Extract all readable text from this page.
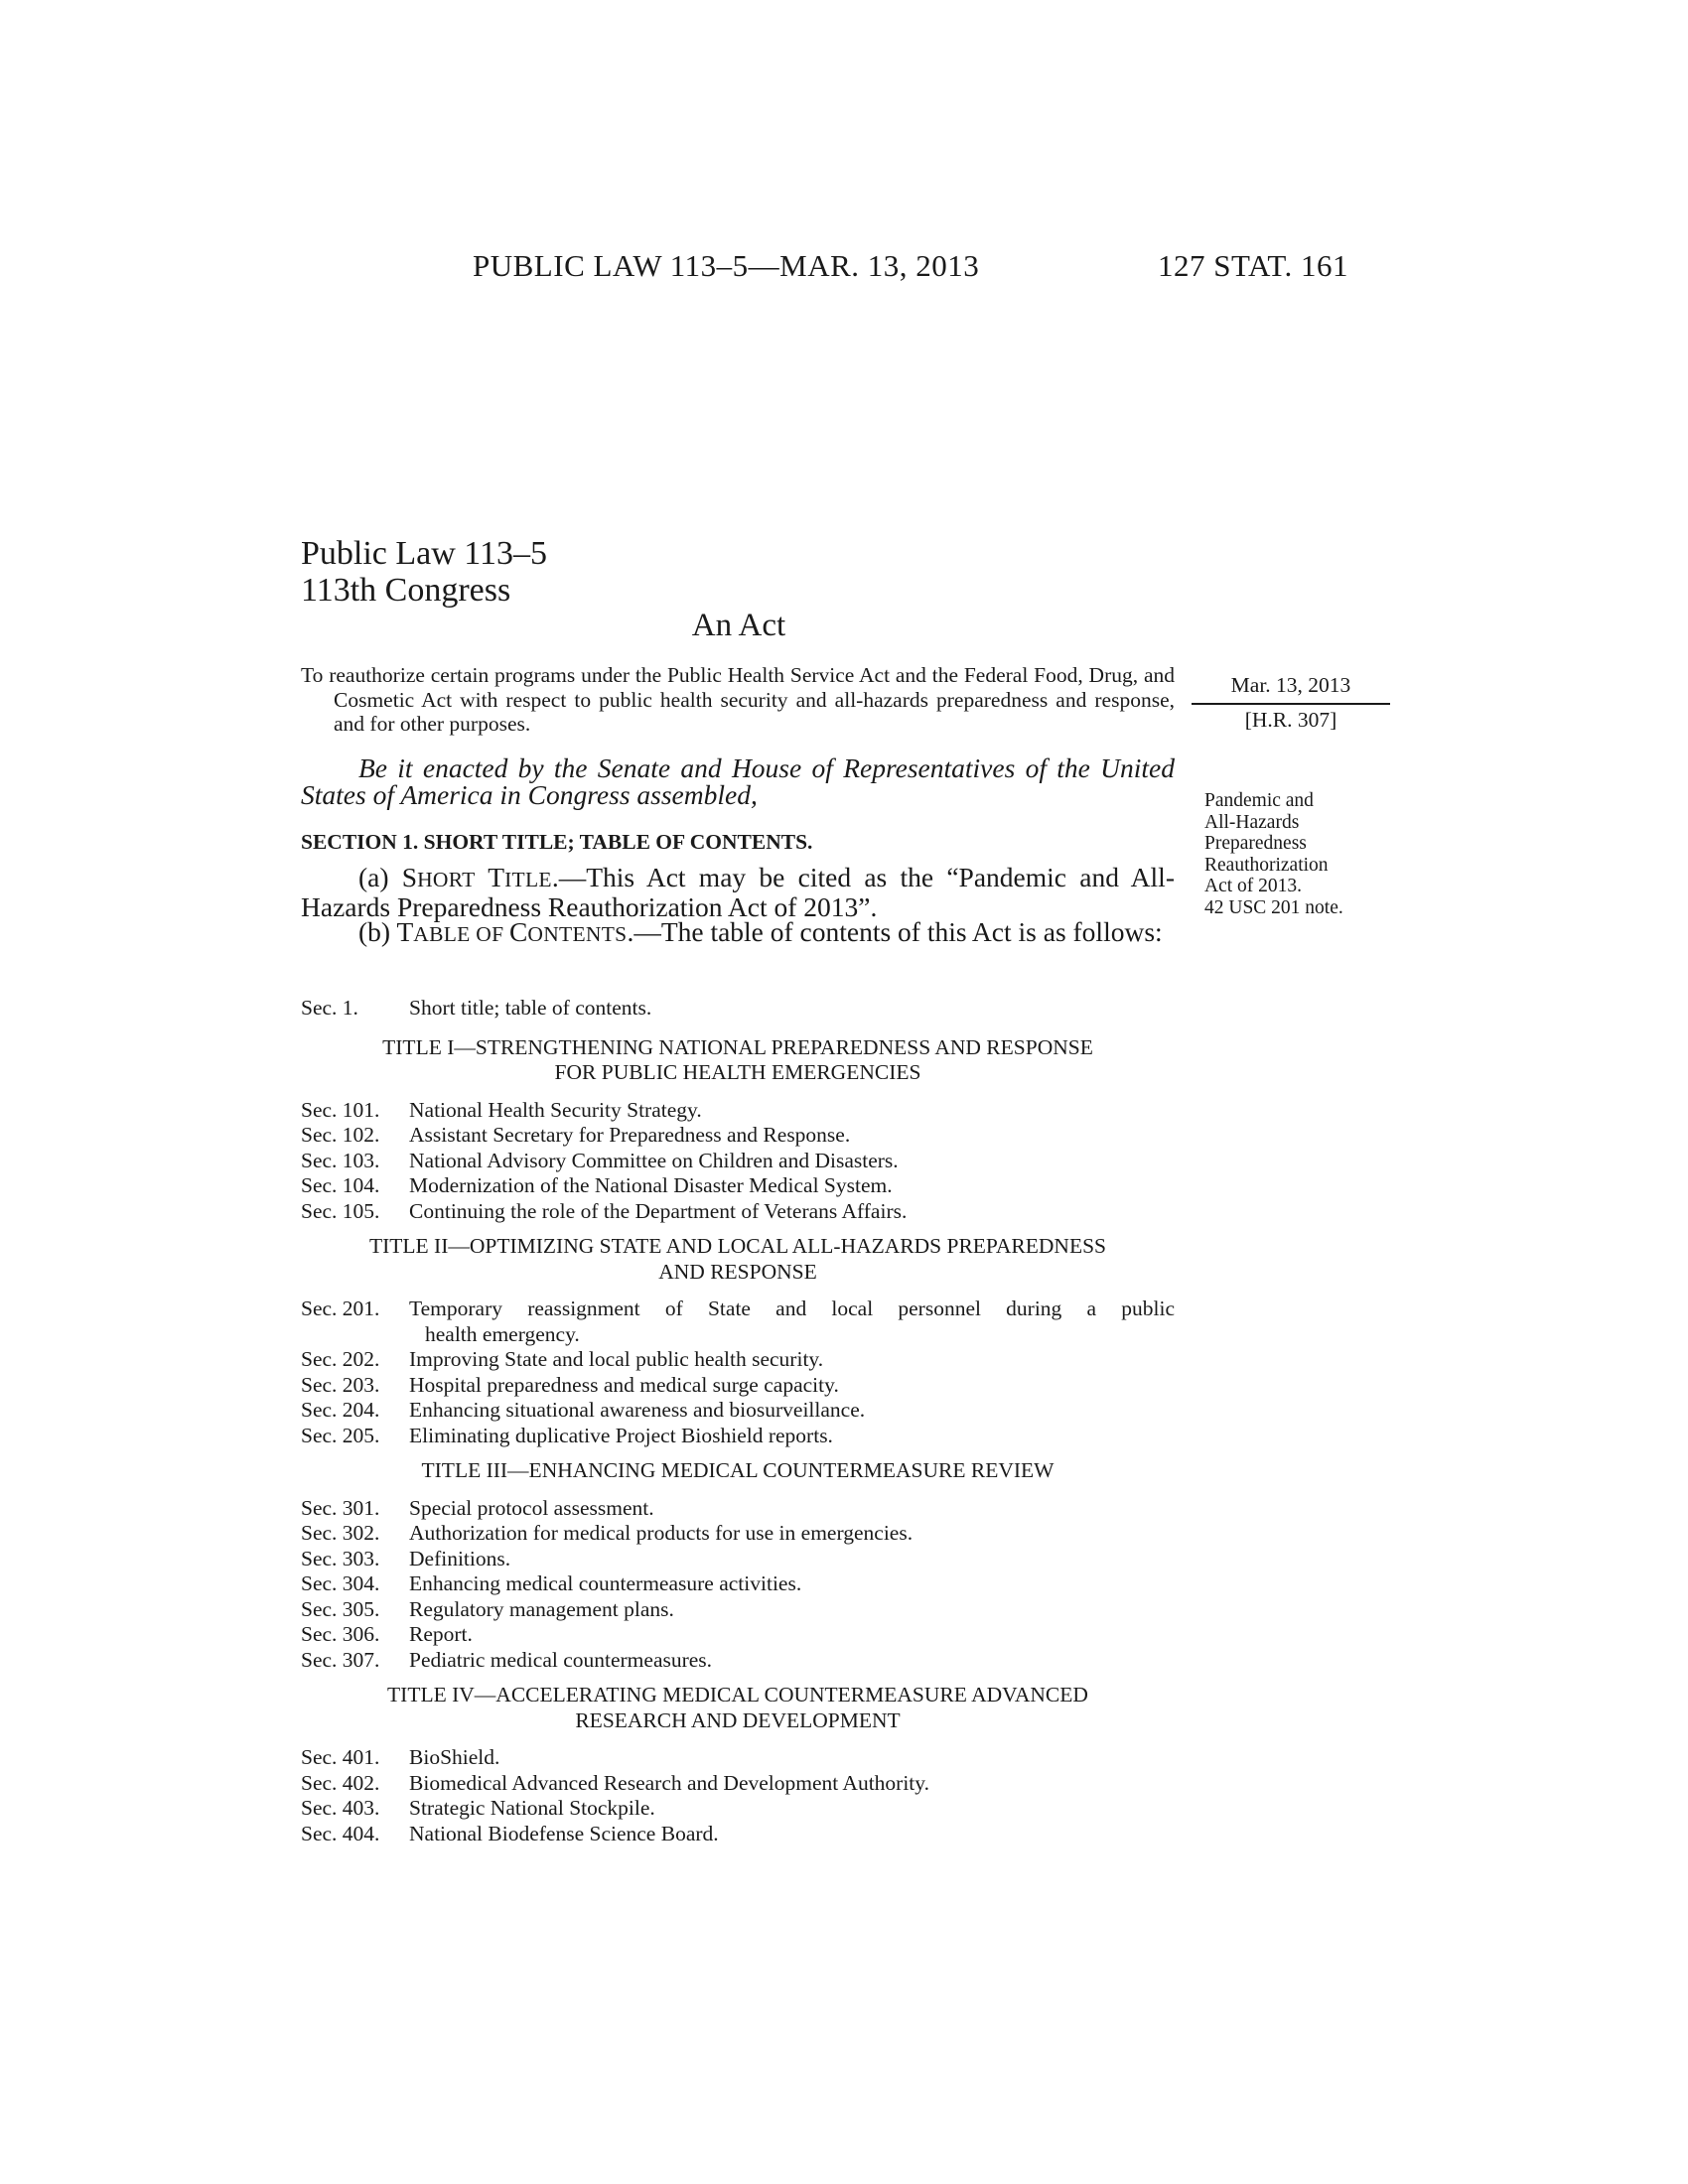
PUBLIC LAW 113–5—MAR. 13, 2013	127 STAT. 161
Public Law 113–5
113th Congress
An Act
To reauthorize certain programs under the Public Health Service Act and the Federal Food, Drug, and Cosmetic Act with respect to public health security and all-hazards preparedness and response, and for other purposes.
Mar. 13, 2013
[H.R. 307]
Be it enacted by the Senate and House of Representatives of the United States of America in Congress assembled,	Pandemic and
All-Hazards
Preparedness
Reauthorization
Act of 2013.
42 USC 201 note.
SECTION 1. SHORT TITLE; TABLE OF CONTENTS.
(a) SHORT TITLE.—This Act may be cited as the “Pandemic and All-Hazards Preparedness Reauthorization Act of 2013”.
(b) TABLE OF CONTENTS.—The table of contents of this Act is as follows:
Sec. 1. Short title; table of contents.
TITLE I—STRENGTHENING NATIONAL PREPAREDNESS AND RESPONSE
FOR PUBLIC HEALTH EMERGENCIES
Sec. 101. National Health Security Strategy.
Sec. 102. Assistant Secretary for Preparedness and Response.
Sec. 103. National Advisory Committee on Children and Disasters.
Sec. 104. Modernization of the National Disaster Medical System.
Sec. 105. Continuing the role of the Department of Veterans Affairs.
TITLE II—OPTIMIZING STATE AND LOCAL ALL-HAZARDS PREPAREDNESS
AND RESPONSE
Sec. 201. Temporary reassignment of State and local personnel during a public
health emergency.
Sec. 202. Improving State and local public health security.
Sec. 203. Hospital preparedness and medical surge capacity.
Sec. 204. Enhancing situational awareness and biosurveillance.
Sec. 205. Eliminating duplicative Project Bioshield reports.
TITLE III—ENHANCING MEDICAL COUNTERMEASURE REVIEW
Sec. 301. Special protocol assessment.
Sec. 302. Authorization for medical products for use in emergencies.
Sec. 303. Definitions.
Sec. 304. Enhancing medical countermeasure activities.
Sec. 305. Regulatory management plans.
Sec. 306. Report.
Sec. 307. Pediatric medical countermeasures.
TITLE IV—ACCELERATING MEDICAL COUNTERMEASURE ADVANCED
RESEARCH AND DEVELOPMENT
Sec. 401. BioShield.
Sec. 402. Biomedical Advanced Research and Development Authority.
Sec. 403. Strategic National Stockpile.
Sec. 404. National Biodefense Science Board.
